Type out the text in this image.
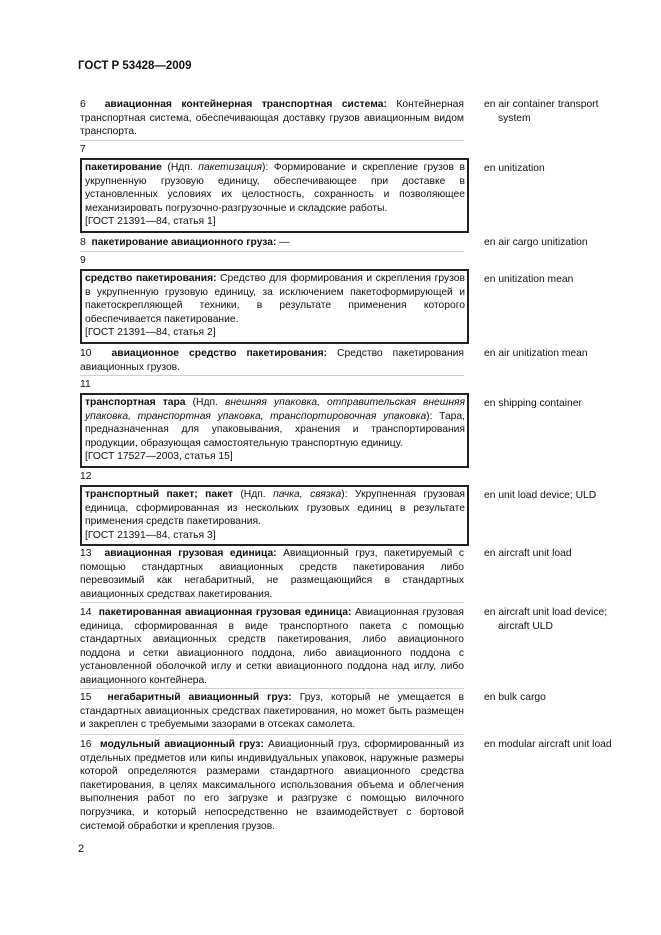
ГОСТ Р 53428—2009
6 авиационная контейнерная транспортная система: Контейнерная транспортная система, обеспечивающая доставку грузов авиационным видом транспорта.
en air container transport system
7
пакетирование (Ндп. пакетизация): Формирование и скрепление грузов в укрупненную грузовую единицу, обеспечивающее при доставке в установленных условиях их целостность, сохранность и позволяющее механизировать погрузочно-разгрузочные и складские работы.
[ГОСТ 21391—84, статья 1]
en unitization
8 пакетирование авиационного груза: —	en air cargo unitization
9
средство пакетирования: Средство для формирования и скрепления грузов в укрупненную грузовую единицу, за исключением пакетоформирующей и пакетоскрепляющей техники, в результате применения которого обеспечивается пакетирование.
[ГОСТ 21391—84, статья 2]
en unitization mean
10 авиационное средство пакетирования: Средство пакетирования авиационных грузов.
en air unitization mean
11
транспортная тара (Ндп. внешняя упаковка, отправительская внешняя упаковка, транспортная упаковка, транспортировочная упаковка): Тара, предназначенная для упаковывания, хранения и транспортирования продукции, образующая самостоятельную транспортную единицу.
[ГОСТ 17527—2003, статья 15]
en shipping container
12
транспортный пакет; пакет (Ндп. пачка, связка): Укрупненная грузовая единица, сформированная из нескольких грузовых единиц в результате применения средств пакетирования.
[ГОСТ 21391—84, статья 3]
en unit load device; ULD
13 авиационная грузовая единица: Авиационный груз, пакетируемый с помощью стандартных авиационных средств пакетирования либо перевозимый как негабаритный, не размещающийся в стандартных авиационных средствах пакетирования.
en aircraft unit load
14 пакетированная авиационная грузовая единица: Авиационная грузовая единица, сформированная в виде транспортного пакета с помощью стандартных авиационных средств пакетирования, либо авиационного поддона и сетки авиационного поддона, либо авиационного поддона с установленной оболочкой иглу и сетки авиационного поддона над иглу, либо авиационного контейнера.
en aircraft unit load device; aircraft ULD
15 негабаритный авиационный груз: Груз, который не умещается в стандартных авиационных средствах пакетирования, но может быть размещен и закреплен с требуемыми зазорами в отсеках самолета.
en bulk cargo
16 модульный авиационный груз: Авиационный груз, сформированный из отдельных предметов или кипы индивидуальных упаковок, наружные размеры которой определяются размерами стандартного авиационного средства пакетирования, в целях максимального использования объема и облегчения выполнения работ по его загрузке и разгрузке с помощью вилочного погрузчика, и который непосредственно не взаимодействует с бортовой системой обработки и крепления грузов.
en modular aircraft unit load
2
